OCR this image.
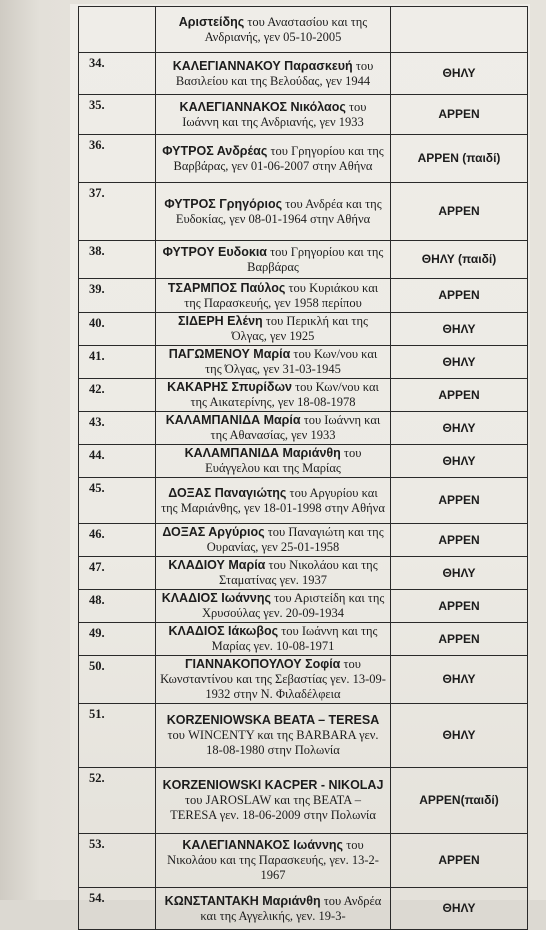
	Αριστείδης του Αναστασίου και της Ανδριανής, γεν 05-10-2005	
34.	ΚΑΛΕΓΙΑΝΝΑΚΟΥ Παρασκευή του Βασιλείου και της Βελούδας, γεν 1944	ΘΗΛΥ
35.	ΚΑΛΕΓΙΑΝΝΑΚΟΣ Νικόλαος του Ιωάννη και της Ανδριανής, γεν 1933	ΑΡΡΕΝ
36.	ΦΥΤΡΟΣ Ανδρέας του Γρηγορίου και της Βαρβάρας, γεν 01-06-2007 στην Αθήνα	ΑΡΡΕΝ (παιδί)
37.	ΦΥΤΡΟΣ Γρηγόριος του Ανδρέα και της Ευδοκίας, γεν 08-01-1964 στην Αθήνα	ΑΡΡΕΝ
38.	ΦΥΤΡΟΥ Ευδοκια του Γρηγορίου και της Βαρβάρας	ΘΗΛΥ (παιδί)
39.	ΤΣΑΡΜΠΟΣ Παύλος του Κυριάκου και της Παρασκευής, γεν 1958 περίπου	ΑΡΡΕΝ
40.	ΣΙΔΕΡΗ Ελένη του Περικλή και της Όλγας, γεν 1925	ΘΗΛΥ
41.	ΠΑΓΩΜΕΝΟΥ Μαρία του Κων/νου και της Όλγας, γεν 31-03-1945	ΘΗΛΥ
42.	ΚΑΚΑΡΗΣ Σπυρίδων του Κων/νου και της Αικατερίνης, γεν 18-08-1978	ΑΡΡΕΝ
43.	ΚΑΛΑΜΠΑΝΙΔΑ Μαρία του Ιωάννη και της Αθανασίας, γεν 1933	ΘΗΛΥ
44.	ΚΑΛΑΜΠΑΝΙΔΑ Μαριάνθη του Ευάγγελου και της Μαρίας	ΘΗΛΥ
45.	ΔΟΞΑΣ Παναγιώτης του Αργυρίου και της Μαριάνθης, γεν 18-01-1998 στην Αθήνα	ΑΡΡΕΝ
46.	ΔΟΞΑΣ Αργύριος του Παναγιώτη και της Ουρανίας, γεν 25-01-1958	ΑΡΡΕΝ
47.	ΚΛΑΔΙΟΥ Μαρία του Νικολάου και της Σταματίνας γεν. 1937	ΘΗΛΥ
48.	ΚΛΑΔΙΟΣ Ιωάννης του Αριστείδη και της Χρυσούλας γεν. 20-09-1934	ΑΡΡΕΝ
49.	ΚΛΑΔΙΟΣ Ιάκωβος του Ιωάννη και της Μαρίας γεν. 10-08-1971	ΑΡΡΕΝ
50.	ΓΙΑΝΝΑΚΟΠΟΥΛΟΥ Σοφία του Κωνσταντίνου και της Σεβαστίας γεν. 13-09-1932 στην Ν. Φιλαδέλφεια	ΘΗΛΥ
51.	KORZENIOWSKA BEATA – TERESA του WINCENTY και της BARBARA γεν. 18-08-1980 στην Πολωνία	ΘΗΛΥ
52.	KORZENIOWSKI KACPER - NIKOLAJ του JAROSLAW και της BEATA – TERESA γεν. 18-06-2009 στην Πολωνία	ΑΡΡΕΝ(παιδί)
53.	ΚΑΛΕΓΙΑΝΝΑΚΟΣ Ιωάννης του Νικολάου και της Παρασκευής, γεν. 13-2-1967	ΑΡΡΕΝ
54.	ΚΩΝΣΤΑΝΤΑΚΗ Μαριάνθη του Ανδρέα και της Αγγελικής, γεν. 19-3-	ΘΗΛΥ
